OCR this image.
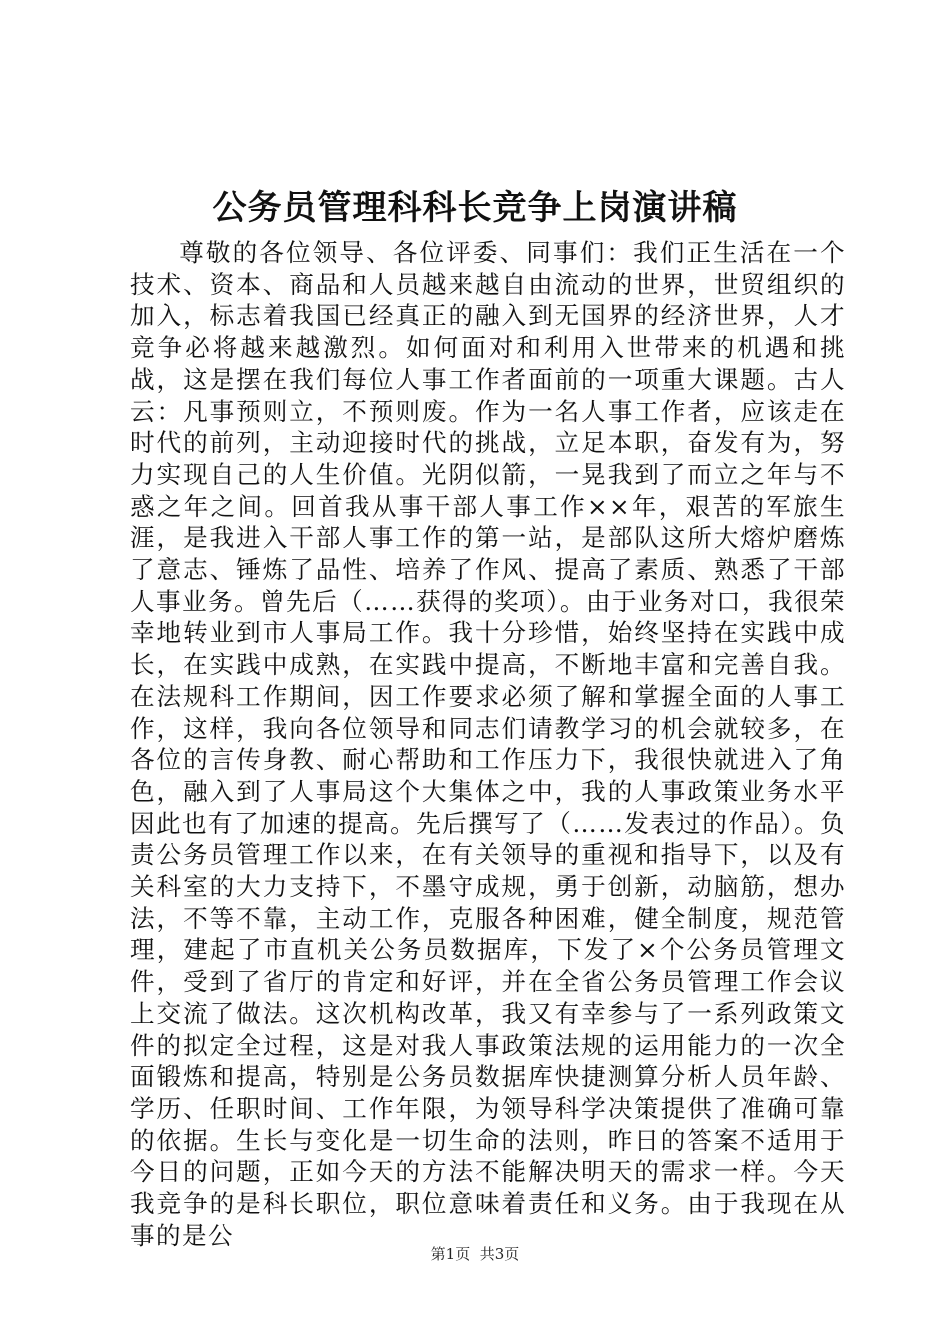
公务员管理科科长竞争上岗演讲稿

尊敬的各位领导、各位评委、同事们：我们正生活在一个技术、资本、商品和人员越来越自由流动的世界，世贸组织的加入，标志着我国已经真正的融入到无国界的经济世界，人才竞争必将越来越激烈。如何面对和利用入世带来的机遇和挑战，这是摆在我们每位人事工作者面前的一项重大课题。古人云：凡事预则立，不预则废。作为一名人事工作者，应该走在时代的前列，主动迎接时代的挑战，立足本职，奋发有为，努力实现自己的人生价值。光阴似箭，一晃我到了而立之年与不惑之年之间。回首我从事干部人事工作××年，艰苦的军旅生涯，是我进入干部人事工作的第一站，是部队这所大熔炉磨炼了意志、锤炼了品性、培养了作风、提高了素质、熟悉了干部人事业务。曾先后（……获得的奖项）。由于业务对口，我很荣幸地转业到市人事局工作。我十分珍惜，始终坚持在实践中成长，在实践中成熟，在实践中提高，不断地丰富和完善自我。在法规科工作期间，因工作要求必须了解和掌握全面的人事工作，这样，我向各位领导和同志们请教学习的机会就较多，在各位的言传身教、耐心帮助和工作压力下，我很快就进入了角色，融入到了人事局这个大集体之中，我的人事政策业务水平因此也有了加速的提高。先后撰写了（……发表过的作品）。负责公务员管理工作以来，在有关领导的重视和指导下，以及有关科室的大力支持下，不墨守成规，勇于创新，动脑筋，想办法，不等不靠，主动工作，克服各种困难，健全制度，规范管理，建起了市直机关公务员数据库，下发了×个公务员管理文件，受到了省厅的肯定和好评，并在全省公务员管理工作会议上交流了做法。这次机构改革，我又有幸参与了一系列政策文件的拟定全过程，这是对我人事政策法规的运用能力的一次全面锻炼和提高，特别是公务员数据库快捷测算分析人员年龄、学历、任职时间、工作年限，为领导科学决策提供了准确可靠的依据。生长与变化是一切生命的法则，昨日的答案不适用于今日的问题，正如今天的方法不能解决明天的需求一样。今天我竞争的是科长职位，职位意味着责任和义务。由于我现在从事的是公

第1页 共3页
